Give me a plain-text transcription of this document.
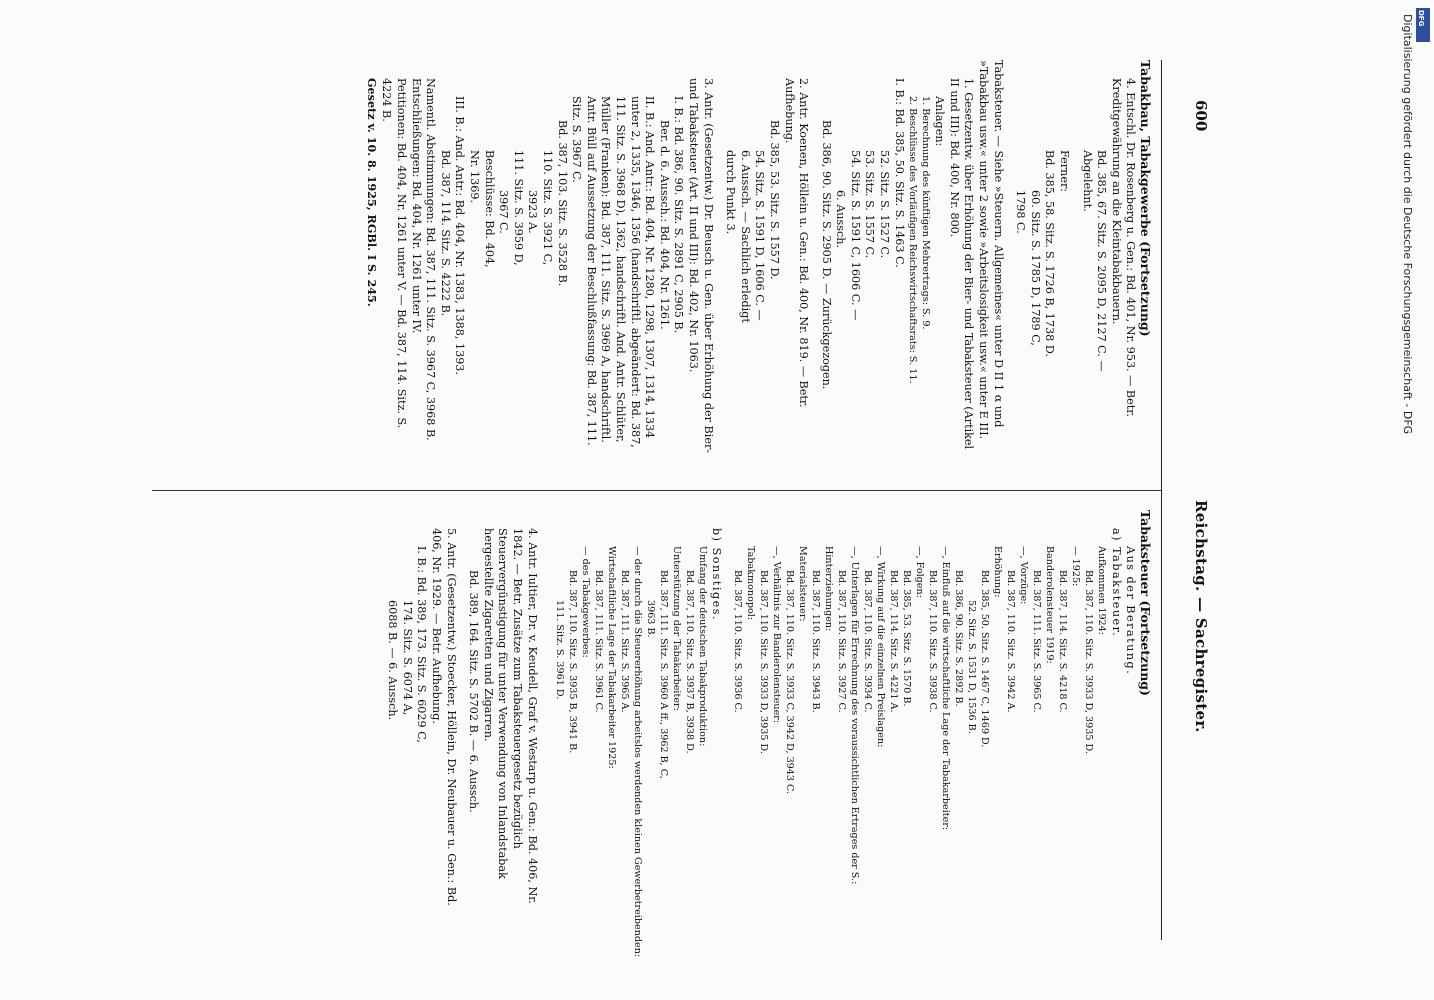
600
Reichstag. — Sachregister.
Tabakbau, Tabakgewerbe (Fortsetzung)
4. Entschl. Dr. Rosenberg u. Gen.: Bd. 401, Nr. 953. — Betr. Kreditgewährung an die Kleintabakbauern.
Bd. 385, 67. Sitz. S. 2095 D, 2127 C. —
Abgelehnt.
Ferner:
Bd. 385, 58. Sitz. S. 1726 B, 1738 D.
60. Sitz. S. 1785 D, 1789 C,
1798 C.
Tabaksteuer. — Siehe »Steuern. Allgemeines« unter D II 1 α und »Tabakbau usw.« unter 2 sowie »Arbeitslosigkeit usw.« unter E III.
1. Gesetzentw. über Erhöhung der Bier- und Tabaksteuer (Artikel II und III): Bd. 400, Nr. 800.
Anlagen:
1. Berechnung des künftigen Mehrertrags: S. 9.
2. Beschlüsse des Vorläufigen Reichswirtschaftsrats: S. 11.
I. B.: Bd. 385, 50. Sitz. S. 1463 C.
52. Sitz. S. 1527 C.
53. Sitz. S. 1557 C.
54. Sitz. S. 1591 C, 1606 C. —
6. Aussch.
Bd. 386, 90. Sitz. S. 2905 D. — Zurückgezogen.
2. Antr. Koenen, Höllein u. Gen.: Bd. 400, Nr. 819. — Betr. Aufhebung.
Bd. 385, 53. Sitz. S. 1557 D.
54. Sitz. S. 1591 D, 1606 C. —
6. Aussch. — Sachlich erledigt
durch Punkt 3.
3. Antr. (Gesetzentw.) Dr. Beusch u. Gen. über Erhöhung der Bier- und Tabaksteuer (Art. II und III): Bd. 402, Nr. 1063.
I. B.: Bd. 386, 90. Sitz. S. 2891 C, 2905 B.
Ber. d. 6. Aussch.: Bd. 404, Nr. 1261.
II. B.: And. Antr.: Bd. 404, Nr. 1280, 1298, 1307, 1314, 1334 unter 2, 1335, 1346, 1356 (handschriftl. abgeändert: Bd. 387, 111. Sitz. S. 3968 D), 1362, handschriftl. And. Antr. Schlüter, Müller (Franken): Bd. 387, 111. Sitz. S. 3969 A, handschriftl. Antr. Büll auf Aussetzung der Beschlußfassung: Bd. 387, 111. Sitz. S. 3967 C.
Bd. 387, 103. Sitz. S. 3528 B.
110. Sitz. S. 3921 C,
3923 A.
111. Sitz. S. 3959 D,
3967 C.
Beschlüsse: Bd. 404,
Nr. 1369.
III. B.: And. Antr.: Bd. 404, Nr. 1383, 1388, 1393.
Bd. 387, 114. Sitz. S. 4222 B.
Namentl. Abstimmungen: Bd. 387, 111. Sitz. S. 3967 C, 3968 B.
Entschließungen: Bd. 404, Nr. 1261 unter IV.
Petitionen: Bd. 404, Nr. 1261 unter V. — Bd. 387, 114. Sitz. S. 4224 B.
Gesetz v. 10. 8. 1925, RGBl. I S. 245.
Tabaksteuer (Fortsetzung)
Aus der Beratung.
a) Tabaksteuer.
Aufkommen 1924:
Bd. 387, 110. Sitz. S. 3933 D, 3935 D.
— 1925:
Bd. 387, 114. Sitz. S. 4218 C.
Banderolensteuer 1919:
Bd. 387, 111. Sitz. S. 3965 C.
—, Vorzüge:
Bd. 387, 110. Sitz. S. 3942 A.
Erhöhung:
Bd. 385, 50. Sitz. S. 1467 C, 1469 D.
52. Sitz. S. 1531 D, 1536 B.
Bd. 386, 90. Sitz. S. 2892 B.
—, Einfluß auf die wirtschaftliche Lage der Tabakarbeiter:
Bd. 387, 110. Sitz. S. 3938 C.
—, Folgen:
Bd. 385, 53. Sitz. S. 1570 B.
Bd. 387, 114. Sitz. S. 4221 A.
—, Wirkung auf die einzelnen Preislagen:
Bd. 387, 110. Sitz. S. 3934 C.
—, Unterlagen für Errechnung des voraussichtlichen Ertrages der S.:
Bd. 387, 110. Sitz. S. 3927 C.
Hinterziehungen:
Bd. 387, 110. Sitz. S. 3943 B.
Materialsteuer:
Bd. 387, 110. Sitz. S. 3933 C, 3942 D, 3943 C.
—, Verhältnis zur Banderolensteuer:
Bd. 387, 110. Sitz. S. 3933 D, 3935 D.
Tabakmonopol:
Bd. 387, 110. Sitz. S. 3936 C.
b) Sonstiges.
Umfang der deutschen Tabakproduktion:
Bd. 387, 110. Sitz. S. 3937 B, 3938 D.
Unterstützung der Tabakarbeiter:
Bd. 387, 111. Sitz. S. 3960 A ff., 3962 B, C,
3963 B.
— der durch die Steuererhöhung arbeitslos werdenden kleinen Gewerbetreibenden:
Bd. 387, 111. Sitz. S. 3965 A.
Wirtschaftliche Lage der Tabakarbeiter 1925:
Bd. 387, 111. Sitz. S. 3961 C.
— des Tabakgewerbes:
Bd. 387, 110. Sitz. S. 3935 B, 3941 B.
111. Sitz. S. 3961 D.
4. Antr. Iultier, Dr. v. Keudell, Graf v. Westarp u. Gen.: Bd. 406, Nr. 1842. — Betr. Zusätze zum Tabaksteuergesetz bezüglich Steuervergünstigung für unter Verwendung von Inlandstabak hergestellte Zigaretten und Zigarren.
Bd. 389, 164. Sitz. S. 5702 B. — 6. Aussch.
5. Antr. (Gesetzentw.) Stoecker, Höllein, Dr. Neubauer u. Gen.: Bd. 406, Nr. 1929. — Betr. Aufhebung.
I. B.: Bd. 389, 173. Sitz. S. 6029 C,
174. Sitz. S. 6074 A,
6088 B. — 6. Aussch.
DFG
Digitalisierung gefördert durch die Deutsche Forschungsgemeinschaft - DFG
